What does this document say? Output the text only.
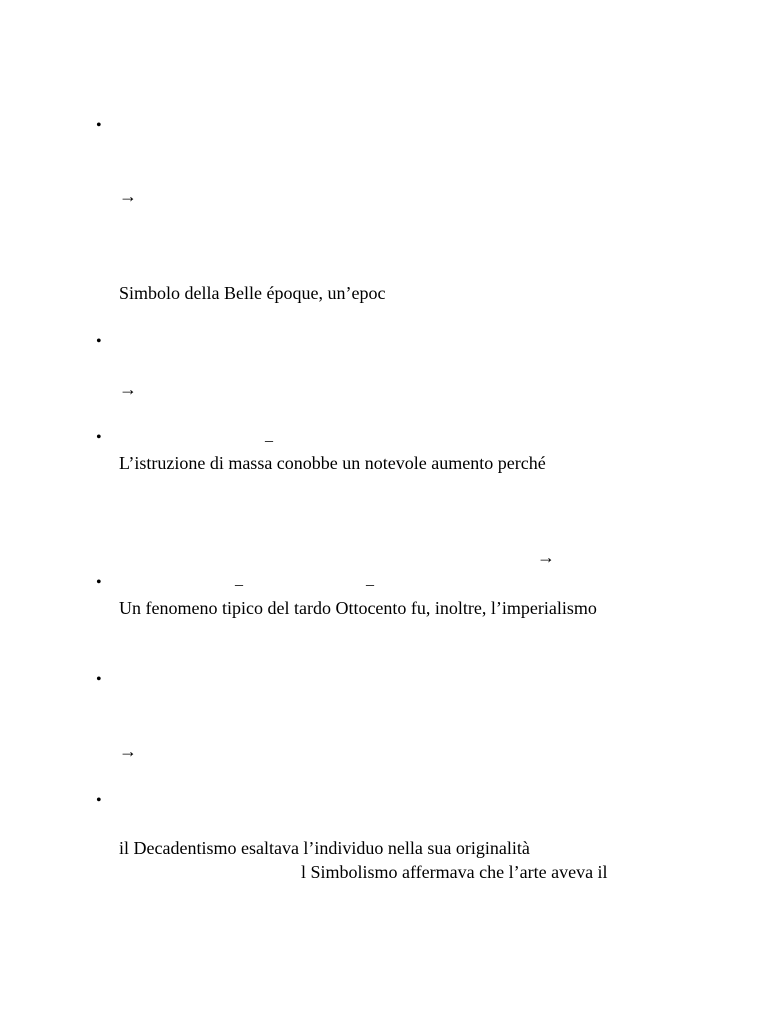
•
→
Simbolo della Belle époque, un’epoc
•
→
•	_
L’istruzione di massa conobbe un notevole aumento perché
→
•	_	_
Un fenomeno tipico del tardo Ottocento fu, inoltre, l’imperialismo
•
→
•
il Decadentismo esaltava l’individuo nella sua originalità
l Simbolismo affermava che l’arte aveva il
